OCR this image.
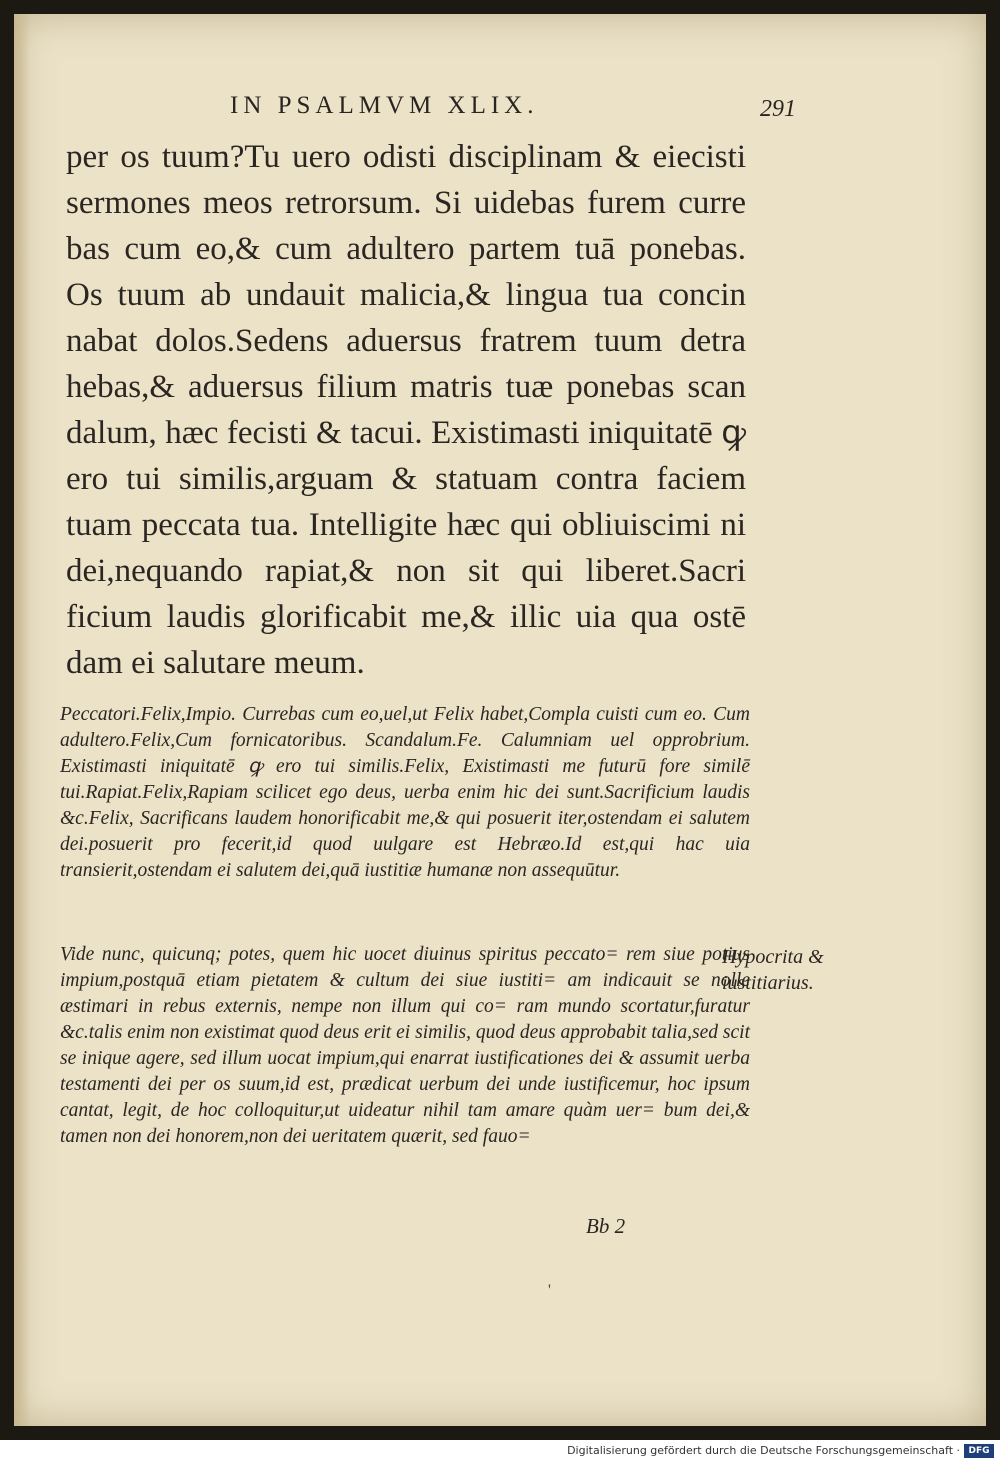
IN PSALMVM XLIX.	291
per os tuum?Tu uero odisti disciplinam & eiecisti sermones meos retrorsum. Si uidebas furem curre bas cum eo,& cum adultero partem tuā ponebas. Os tuum ab undauit malicia,& lingua tua concin nabat dolos.Sedens aduersus fratrem tuum detra hebas,& aduersus filium matris tuæ ponebas scan dalum, hæc fecisti & tacui. Existimasti iniquitatē ꝙ ero tui similis,arguam & statuam contra faciem tuam peccata tua. Intelligite hæc qui obliuiscimi ni dei,nequando rapiat,& non sit qui liberet.Sacri ficium laudis glorificabit me,& illic uia qua ostē dam ei salutare meum.
Peccatori.Felix,Impio. Currebas cum eo,uel,ut Felix habet,Compla cuisti cum eo. Cum adultero.Felix,Cum fornicatoribus. Scandalum.Fe. Calumniam uel opprobrium. Existimasti iniquitatē ꝙ ero tui similis.Felix, Existimasti me futurū fore similē tui.Rapiat.Felix,Rapiam scilicet ego deus, uerba enim hic dei sunt.Sacrificium laudis &c.Felix, Sacrificans laudem honorificabit me,& qui posuerit iter,ostendam ei salutem dei.posuerit pro fecerit,id quod uulgare est Hebræo.Id est,qui hac uia transierit,ostendam ei salutem dei,quā iustitiæ humanæ non assequūtur.
Vide nunc, quicunq; potes, quem hic uocet diuinus spiritus peccato= rem siue potius impium,postquā etiam pietatem & cultum dei siue iustiti= am indicauit se nolle æstimari in rebus externis, nempe non illum qui co= ram mundo scortatur,furatur &c.talis enim non existimat quod deus erit ei similis, quod deus approbabit talia,sed scit se inique agere, sed illum uocat impium,qui enarrat iustificationes dei & assumit uerba testamenti dei per os suum,id est, prædicat uerbum dei unde iustificemur, hoc ipsum cantat, legit, de hoc colloquitur,ut uideatur nihil tam amare quàm uer= bum dei,& tamen non dei honorem,non dei ueritatem quærit, sed fauo=
Hypocrita & iustitiarius.
Bb 2
'
Digitalisierung gefördert durch die Deutsche Forschungsgemeinschaft · DFG
